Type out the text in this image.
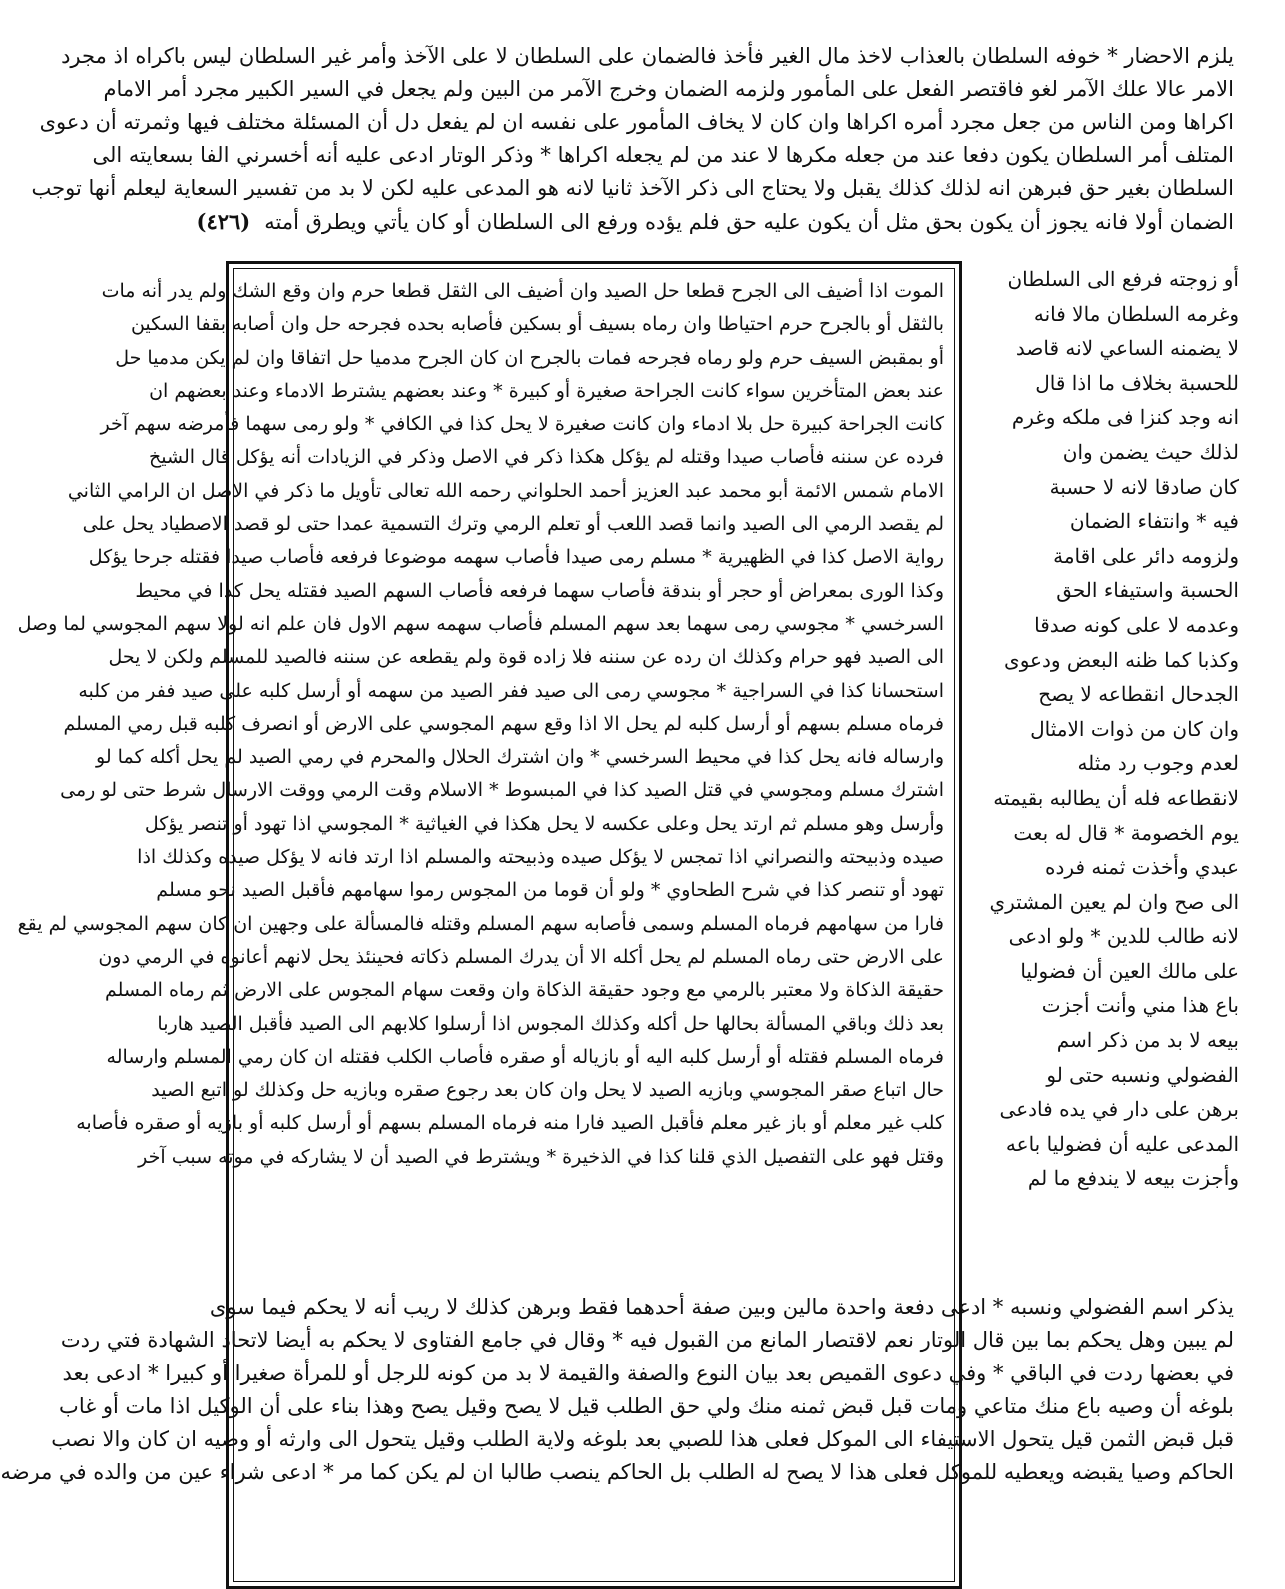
يلزم الاحضار * خوفه السلطان بالعذاب لاخذ مال الغير فأخذ فالضمان على السلطان لا على الآخذ وأمر غير السلطان ليس باكراه اذ مجرد
الامر عالا علك الآمر لغو فاقتصر الفعل على المأمور ولزمه الضمان وخرج الآمر من البين ولم يجعل في السير الكبير مجرد أمر الامام
اكراها ومن الناس من جعل مجرد أمره اكراها وان كان لا يخاف المأمور على نفسه ان لم يفعل دل أن المسئلة مختلف فيها وثمرته أن دعوى
المتلف أمر السلطان يكون دفعا عند من جعله مكرها لا عند من لم يجعله اكراها * وذكر الوتار ادعى عليه أنه أخسرني الفا بسعايته الى
السلطان بغير حق فبرهن انه لذلك كذلك يقبل ولا يحتاج الى ذكر الآخذ ثانيا لانه هو المدعى عليه لكن لا بد من تفسير السعاية ليعلم أنها توجب
الضمان أولا فانه يجوز أن يكون بحق مثل أن يكون عليه حق فلم يؤده ورفع الى السلطان أو كان يأتي ويطرق أمته(٤٢٦)
الموت اذا أضيف الى الجرح قطعا حل الصيد وان أضيف الى الثقل قطعا حرم وان وقع الشك ولم يدر أنه مات
بالثقل أو بالجرح حرم احتياطا وان رماه بسيف أو بسكين فأصابه بحده فجرحه حل وان أصابه بقفا السكين
أو بمقبض السيف حرم ولو رماه فجرحه فمات بالجرح ان كان الجرح مدميا حل اتفاقا وان لم يكن مدميا حل
عند بعض المتأخرين سواء كانت الجراحة صغيرة أو كبيرة * وعند بعضهم يشترط الادماء وعند بعضهم ان
كانت الجراحة كبيرة حل بلا ادماء وان كانت صغيرة لا يحل كذا في الكافي * ولو رمى سهما فأمرضه سهم آخر
فرده عن سننه فأصاب صيدا وقتله لم يؤكل هكذا ذكر في الاصل وذكر في الزيادات أنه يؤكل قال الشيخ
الامام شمس الائمة أبو محمد عبد العزيز أحمد الحلواني رحمه الله تعالى تأويل ما ذكر في الاصل ان الرامي الثاني
لم يقصد الرمي الى الصيد وانما قصد اللعب أو تعلم الرمي وترك التسمية عمدا حتى لو قصد الاصطياد يحل على
رواية الاصل كذا في الظهيرية * مسلم رمى صيدا فأصاب سهمه موضوعا فرفعه فأصاب صيدا فقتله جرحا يؤكل
وكذا الورى بمعراض أو حجر أو بندقة فأصاب سهما فرفعه فأصاب السهم الصيد فقتله يحل كذا في محيط
السرخسي * مجوسي رمى سهما بعد سهم المسلم فأصاب سهمه سهم الاول فان علم انه لولا سهم المجوسي لما وصل
الى الصيد فهو حرام وكذلك ان رده عن سننه فلا زاده قوة ولم يقطعه عن سننه فالصيد للمسلم ولكن لا يحل
استحسانا كذا في السراجية * مجوسي رمى الى صيد ففر الصيد من سهمه أو أرسل كلبه على صيد ففر من كلبه
فرماه مسلم بسهم أو أرسل كلبه لم يحل الا اذا وقع سهم المجوسي على الارض أو انصرف كلبه قبل رمي المسلم
وارساله فانه يحل كذا في محيط السرخسي * وان اشترك الحلال والمحرم في رمي الصيد لم يحل أكله كما لو
اشترك مسلم ومجوسي في قتل الصيد كذا في المبسوط * الاسلام وقت الرمي ووقت الارسال شرط حتى لو رمى
وأرسل وهو مسلم ثم ارتد يحل وعلى عكسه لا يحل هكذا في الغياثية * المجوسي اذا تهود أو تنصر يؤكل
صيده وذبيحته والنصراني اذا تمجس لا يؤكل صيده وذبيحته والمسلم اذا ارتد فانه لا يؤكل صيده وكذلك اذا
تهود أو تنصر كذا في شرح الطحاوي * ولو أن قوما من المجوس رموا سهامهم فأقبل الصيد نحو مسلم
فارا من سهامهم فرماه المسلم وسمى فأصابه سهم المسلم وقتله فالمسألة على وجهين ان كان سهم المجوسي لم يقع
على الارض حتى رماه المسلم لم يحل أكله الا أن يدرك المسلم ذكاته فحينئذ يحل لانهم أعانوه في الرمي دون
حقيقة الذكاة ولا معتبر بالرمي مع وجود حقيقة الذكاة وان وقعت سهام المجوس على الارض ثم رماه المسلم
بعد ذلك وباقي المسألة بحالها حل أكله وكذلك المجوس اذا أرسلوا كلابهم الى الصيد فأقبل الصيد هاربا
فرماه المسلم فقتله أو أرسل كلبه اليه أو بازياله أو صقره فأصاب الكلب فقتله ان كان رمي المسلم وارساله
حال اتباع صقر المجوسي وبازيه الصيد لا يحل وان كان بعد رجوع صقره وبازيه حل وكذلك لو اتبع الصيد
كلب غير معلم أو باز غير معلم فأقبل الصيد فارا منه فرماه المسلم بسهم أو أرسل كلبه أو بازيه أو صقره فأصابه
وقتل فهو على التفصيل الذي قلنا كذا في الذخيرة * ويشترط في الصيد أن لا يشاركه في موته سبب آخر
أو زوجته فرفع الى السلطان
وغرمه السلطان مالا فانه
لا يضمنه الساعي لانه قاصد
للحسبة بخلاف ما اذا قال
انه وجد كنزا فى ملكه وغرم
لذلك حيث يضمن وان
كان صادقا لانه لا حسبة
فيه * وانتفاء الضمان
ولزومه دائر على اقامة
الحسبة واستيفاء الحق
وعدمه لا على كونه صدقا
وكذبا كما ظنه البعض ودعوى
الجدحال انقطاعه لا يصح
وان كان من ذوات الامثال
لعدم وجوب رد مثله
لانقطاعه فله أن يطالبه بقيمته
يوم الخصومة * قال له بعت
عبدي وأخذت ثمنه فرده
الى صح وان لم يعين المشتري
لانه طالب للدين * ولو ادعى
على مالك العين أن فضوليا
باع هذا مني وأنت أجزت
بيعه لا بد من ذكر اسم
الفضولي ونسبه حتى لو
برهن على دار في يده فادعى
المدعى عليه أن فضوليا باعه
وأجزت بيعه لا يندفع ما لم
يذكر اسم الفضولي ونسبه * ادعى دفعة واحدة مالين وبين صفة أحدهما فقط وبرهن كذلك لا ريب أنه لا يحكم فيما سوى
لم يبين وهل يحكم بما بين قال الوتار نعم لاقتصار المانع من القبول فيه * وقال في جامع الفتاوى لا يحكم به أيضا لاتحاد الشهادة فتي ردت
في بعضها ردت في الباقي * وفي دعوى القميص بعد بيان النوع والصفة والقيمة لا بد من كونه للرجل أو للمرأة صغيرا أو كبيرا * ادعى بعد
بلوغه أن وصيه باع منك متاعي ومات قبل قبض ثمنه منك ولي حق الطلب قيل لا يصح وقيل يصح وهذا بناء على أن الوكيل اذا مات أو غاب
قبل قبض الثمن قيل يتحول الاستيفاء الى الموكل فعلى هذا للصبي بعد بلوغه ولاية الطلب وقيل يتحول الى وارثه أو وصيه ان كان والا نصب
الحاكم وصيا يقبضه ويعطيه للموكل فعلى هذا لا يصح له الطلب بل الحاكم ينصب طالبا ان لم يكن كما مر * ادعى شراء عين من والده في مرضه
